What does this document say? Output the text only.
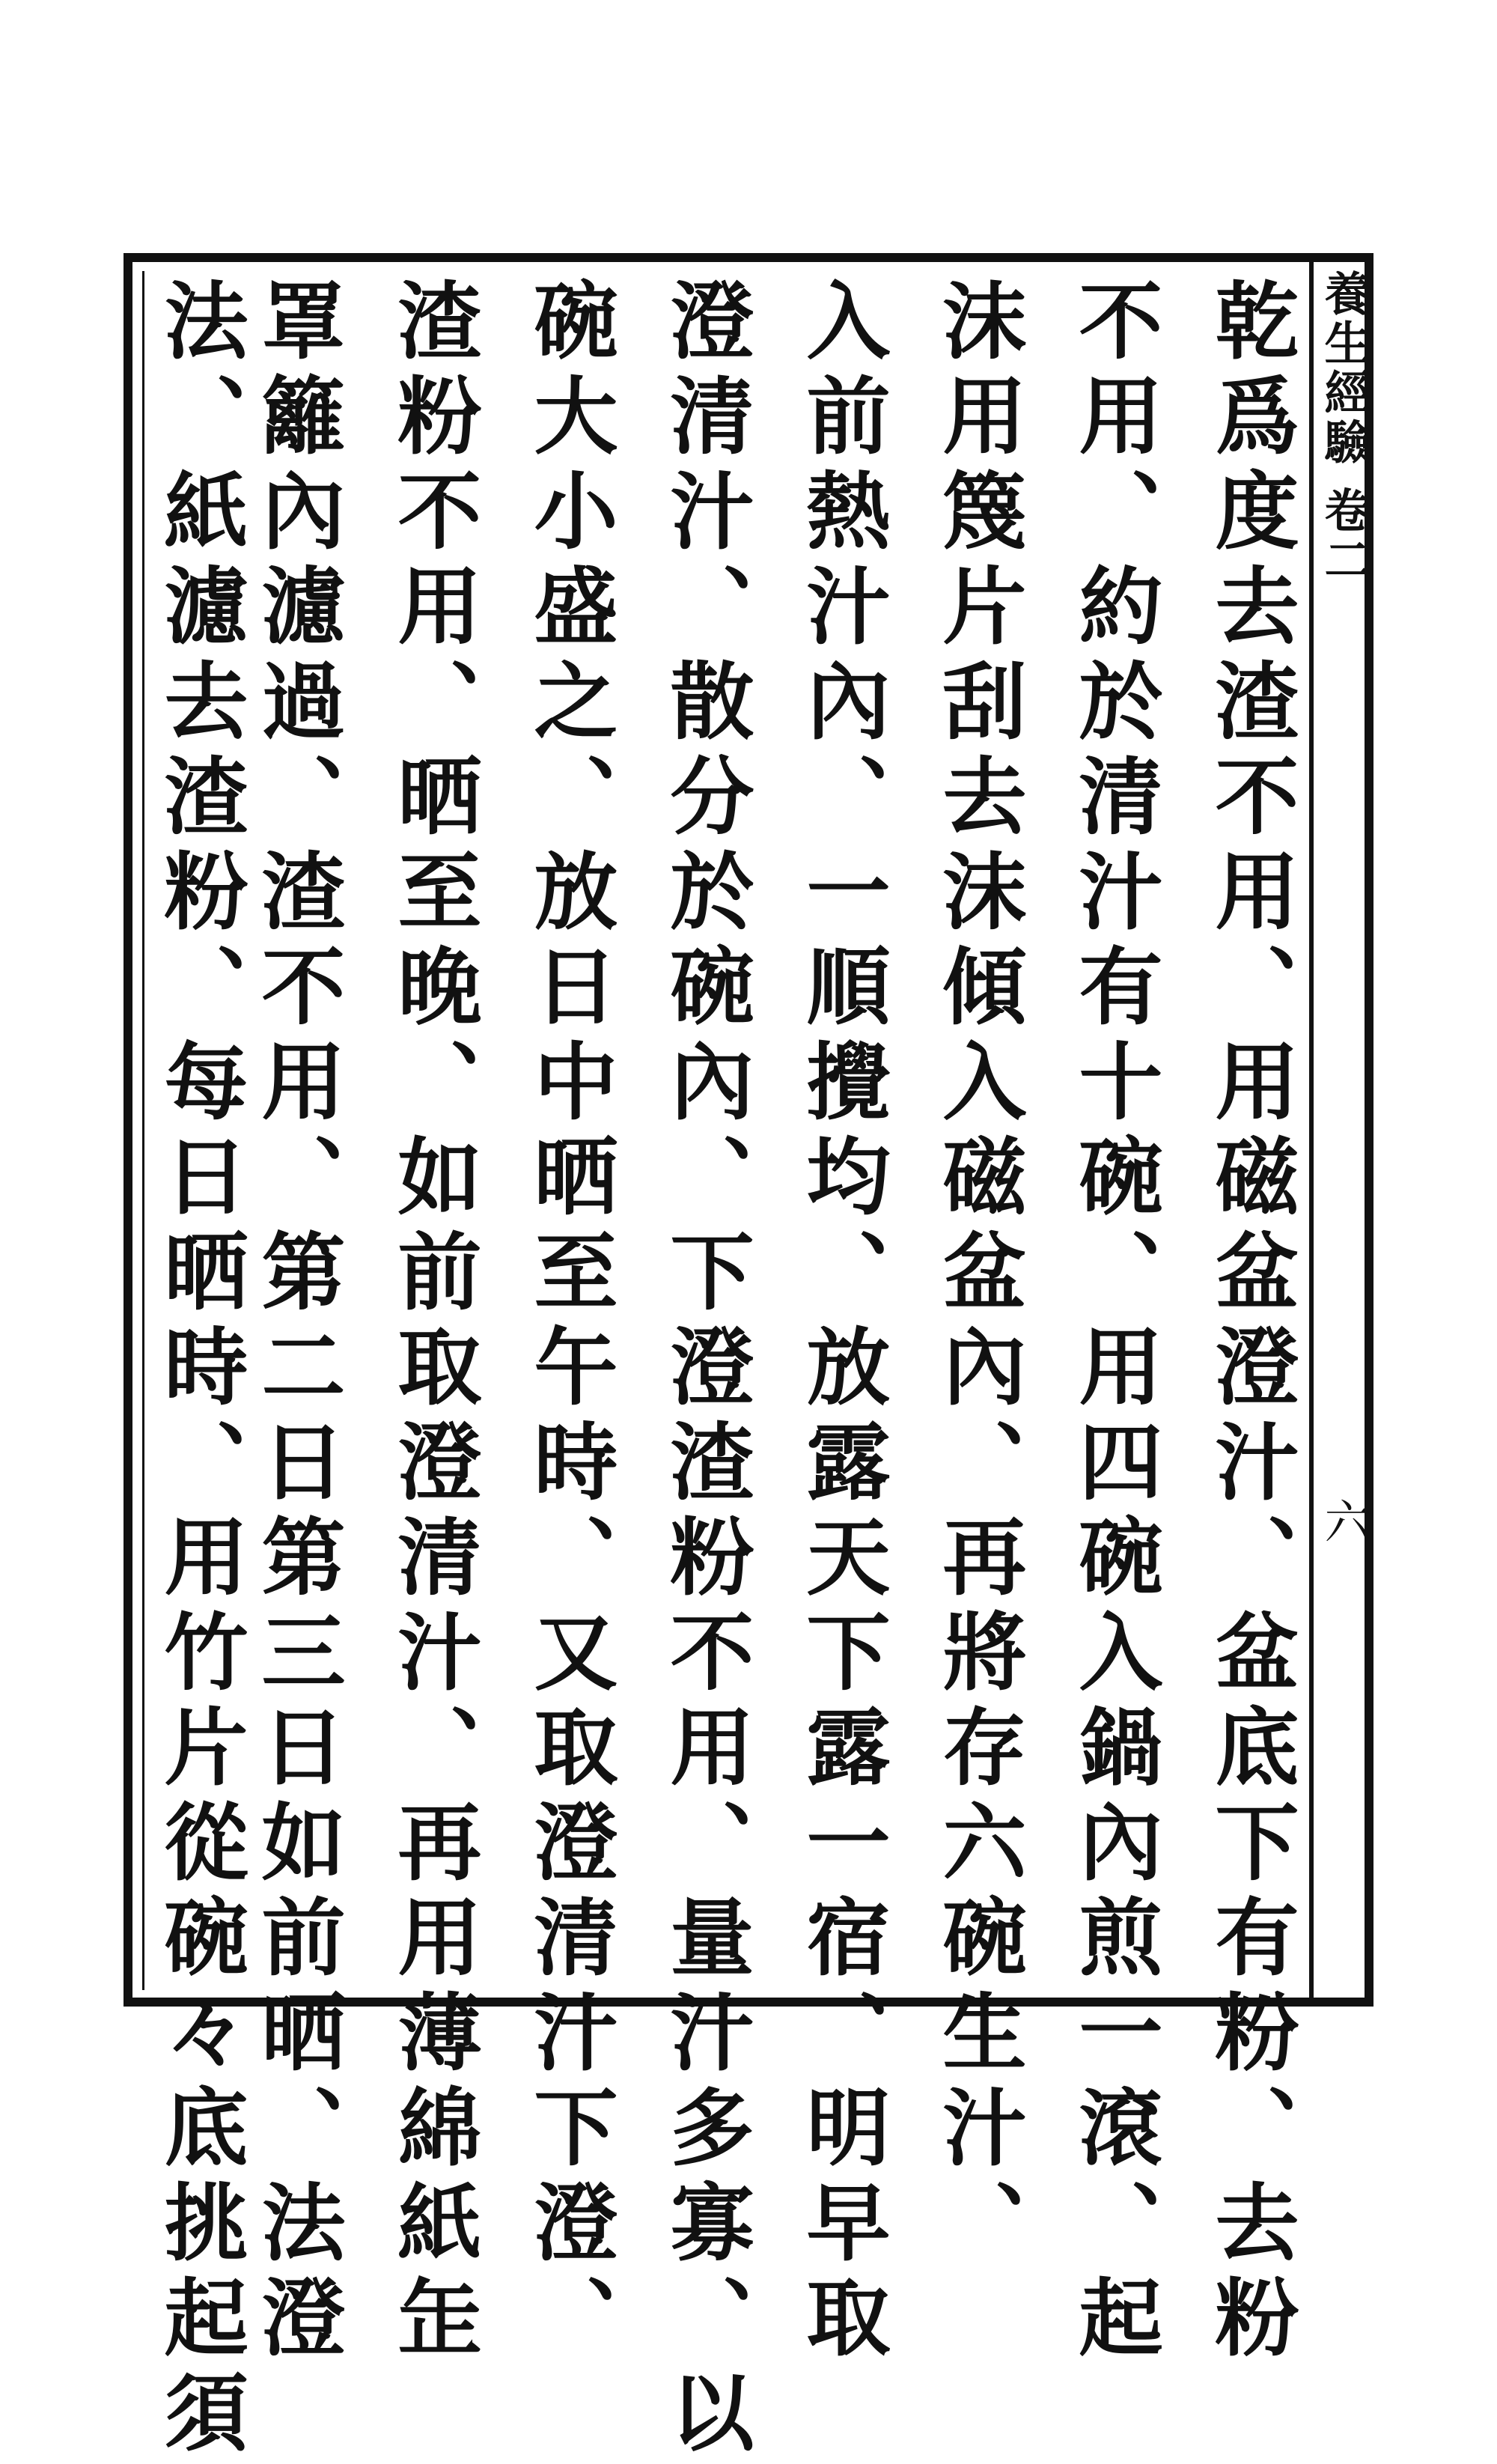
養生經驗 卷二
六
乾爲度去渣不用、用磁盆澄汁、盆底下有粉、去粉
不用、約於清汁有十碗、用四碗入鍋內煎一滾、起
沫用篾片刮去沫傾入磁盆內、再將存六碗生汁、
入前熱汁內、一順攪均、放露天下露一宿、明早取
澄清汁、散分於碗內、下澄渣粉不用、量汁多寡、以
碗大小盛之、放日中晒至午時、又取澄清汁下澄、
渣粉不用、晒至晚、如前取澄清汁、再用薄綿紙𦈢
罩籬內濾過、渣不用、第二日第三日如前晒、法澄
法、紙濾去渣粉、每日晒時、用竹片從碗々底挑起須
